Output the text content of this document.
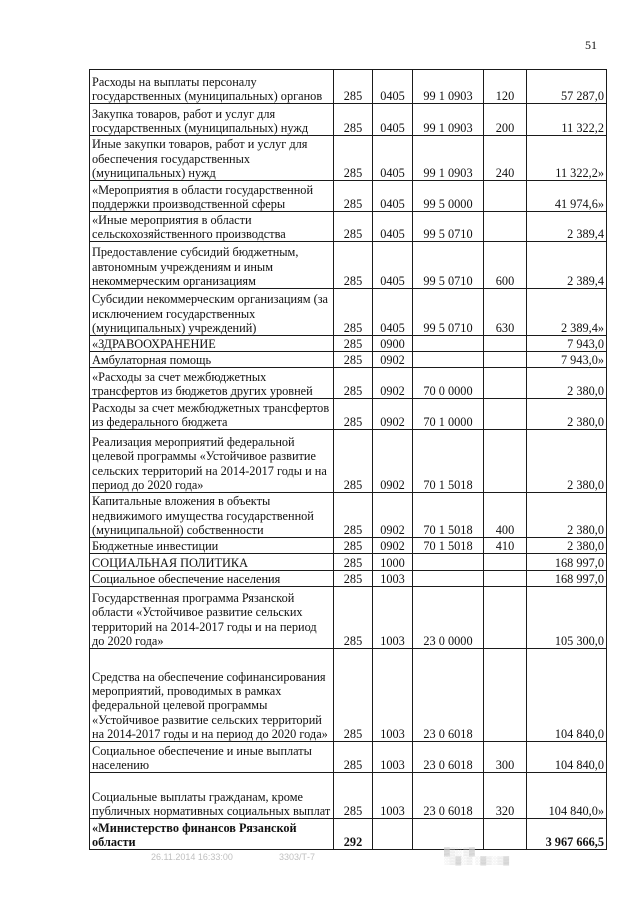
51
Расходы на выплаты персоналу государственных (муниципальных) органов	285	0405	99 1 0903	120	57 287,0
Закупка товаров, работ и услуг для государственных (муниципальных) нужд	285	0405	99 1 0903	200	11 322,2
Иные закупки товаров, работ и услуг для обеспечения государственных (муниципальных) нужд	285	0405	99 1 0903	240	11 322,2»
«Мероприятия в области государственной поддержки производственной сферы	285	0405	99 5 0000		41 974,6»
«Иные мероприятия в области сельскохозяйственного производства	285	0405	99 5 0710		2 389,4
Предоставление субсидий бюджетным, автономным учреждениям и иным некоммерческим организациям	285	0405	99 5 0710	600	2 389,4
Субсидии некоммерческим организациям (за исключением государственных (муниципальных) учреждений)	285	0405	99 5 0710	630	2 389,4»
«ЗДРАВООХРАНЕНИЕ	285	0900			7 943,0
Амбулаторная помощь	285	0902			7 943,0»
«Расходы за счет межбюджетных трансфертов из бюджетов других уровней	285	0902	70 0 0000		2 380,0
Расходы за счет межбюджетных трансфертов из федерального бюджета	285	0902	70 1 0000		2 380,0
Реализация мероприятий федеральной целевой программы «Устойчивое развитие сельских территорий на 2014-2017 годы и на период до 2020 года»	285	0902	70 1 5018		2 380,0
Капитальные вложения в объекты недвижимого имущества государственной (муниципальной) собственности	285	0902	70 1 5018	400	2 380,0
Бюджетные инвестиции	285	0902	70 1 5018	410	2 380,0
СОЦИАЛЬНАЯ ПОЛИТИКА	285	1000			168 997,0
Социальное обеспечение населения	285	1003			168 997,0
Государственная программа Рязанской области «Устойчивое развитие сельских территорий на 2014-2017 годы и на период до 2020 года»	285	1003	23 0 0000		105 300,0
Средства на обеспечение софинансирования мероприятий, проводимых в рамках федеральной целевой программы «Устойчивое развитие сельских территорий на 2014-2017 годы и на период до 2020 года»	285	1003	23 0 6018		104 840,0
Социальное обеспечение и иные выплаты населению	285	1003	23 0 6018	300	104 840,0
Социальные выплаты гражданам, кроме публичных нормативных социальных выплат	285	1003	23 0 6018	320	104 840,0»
«Министерство финансов Рязанской области	292				3 967 666,5
26.11.2014 16:33:00	3303/Т-7
▓▒░ ▒▓
░▒▓░▒ ░▓▒░▒▓
